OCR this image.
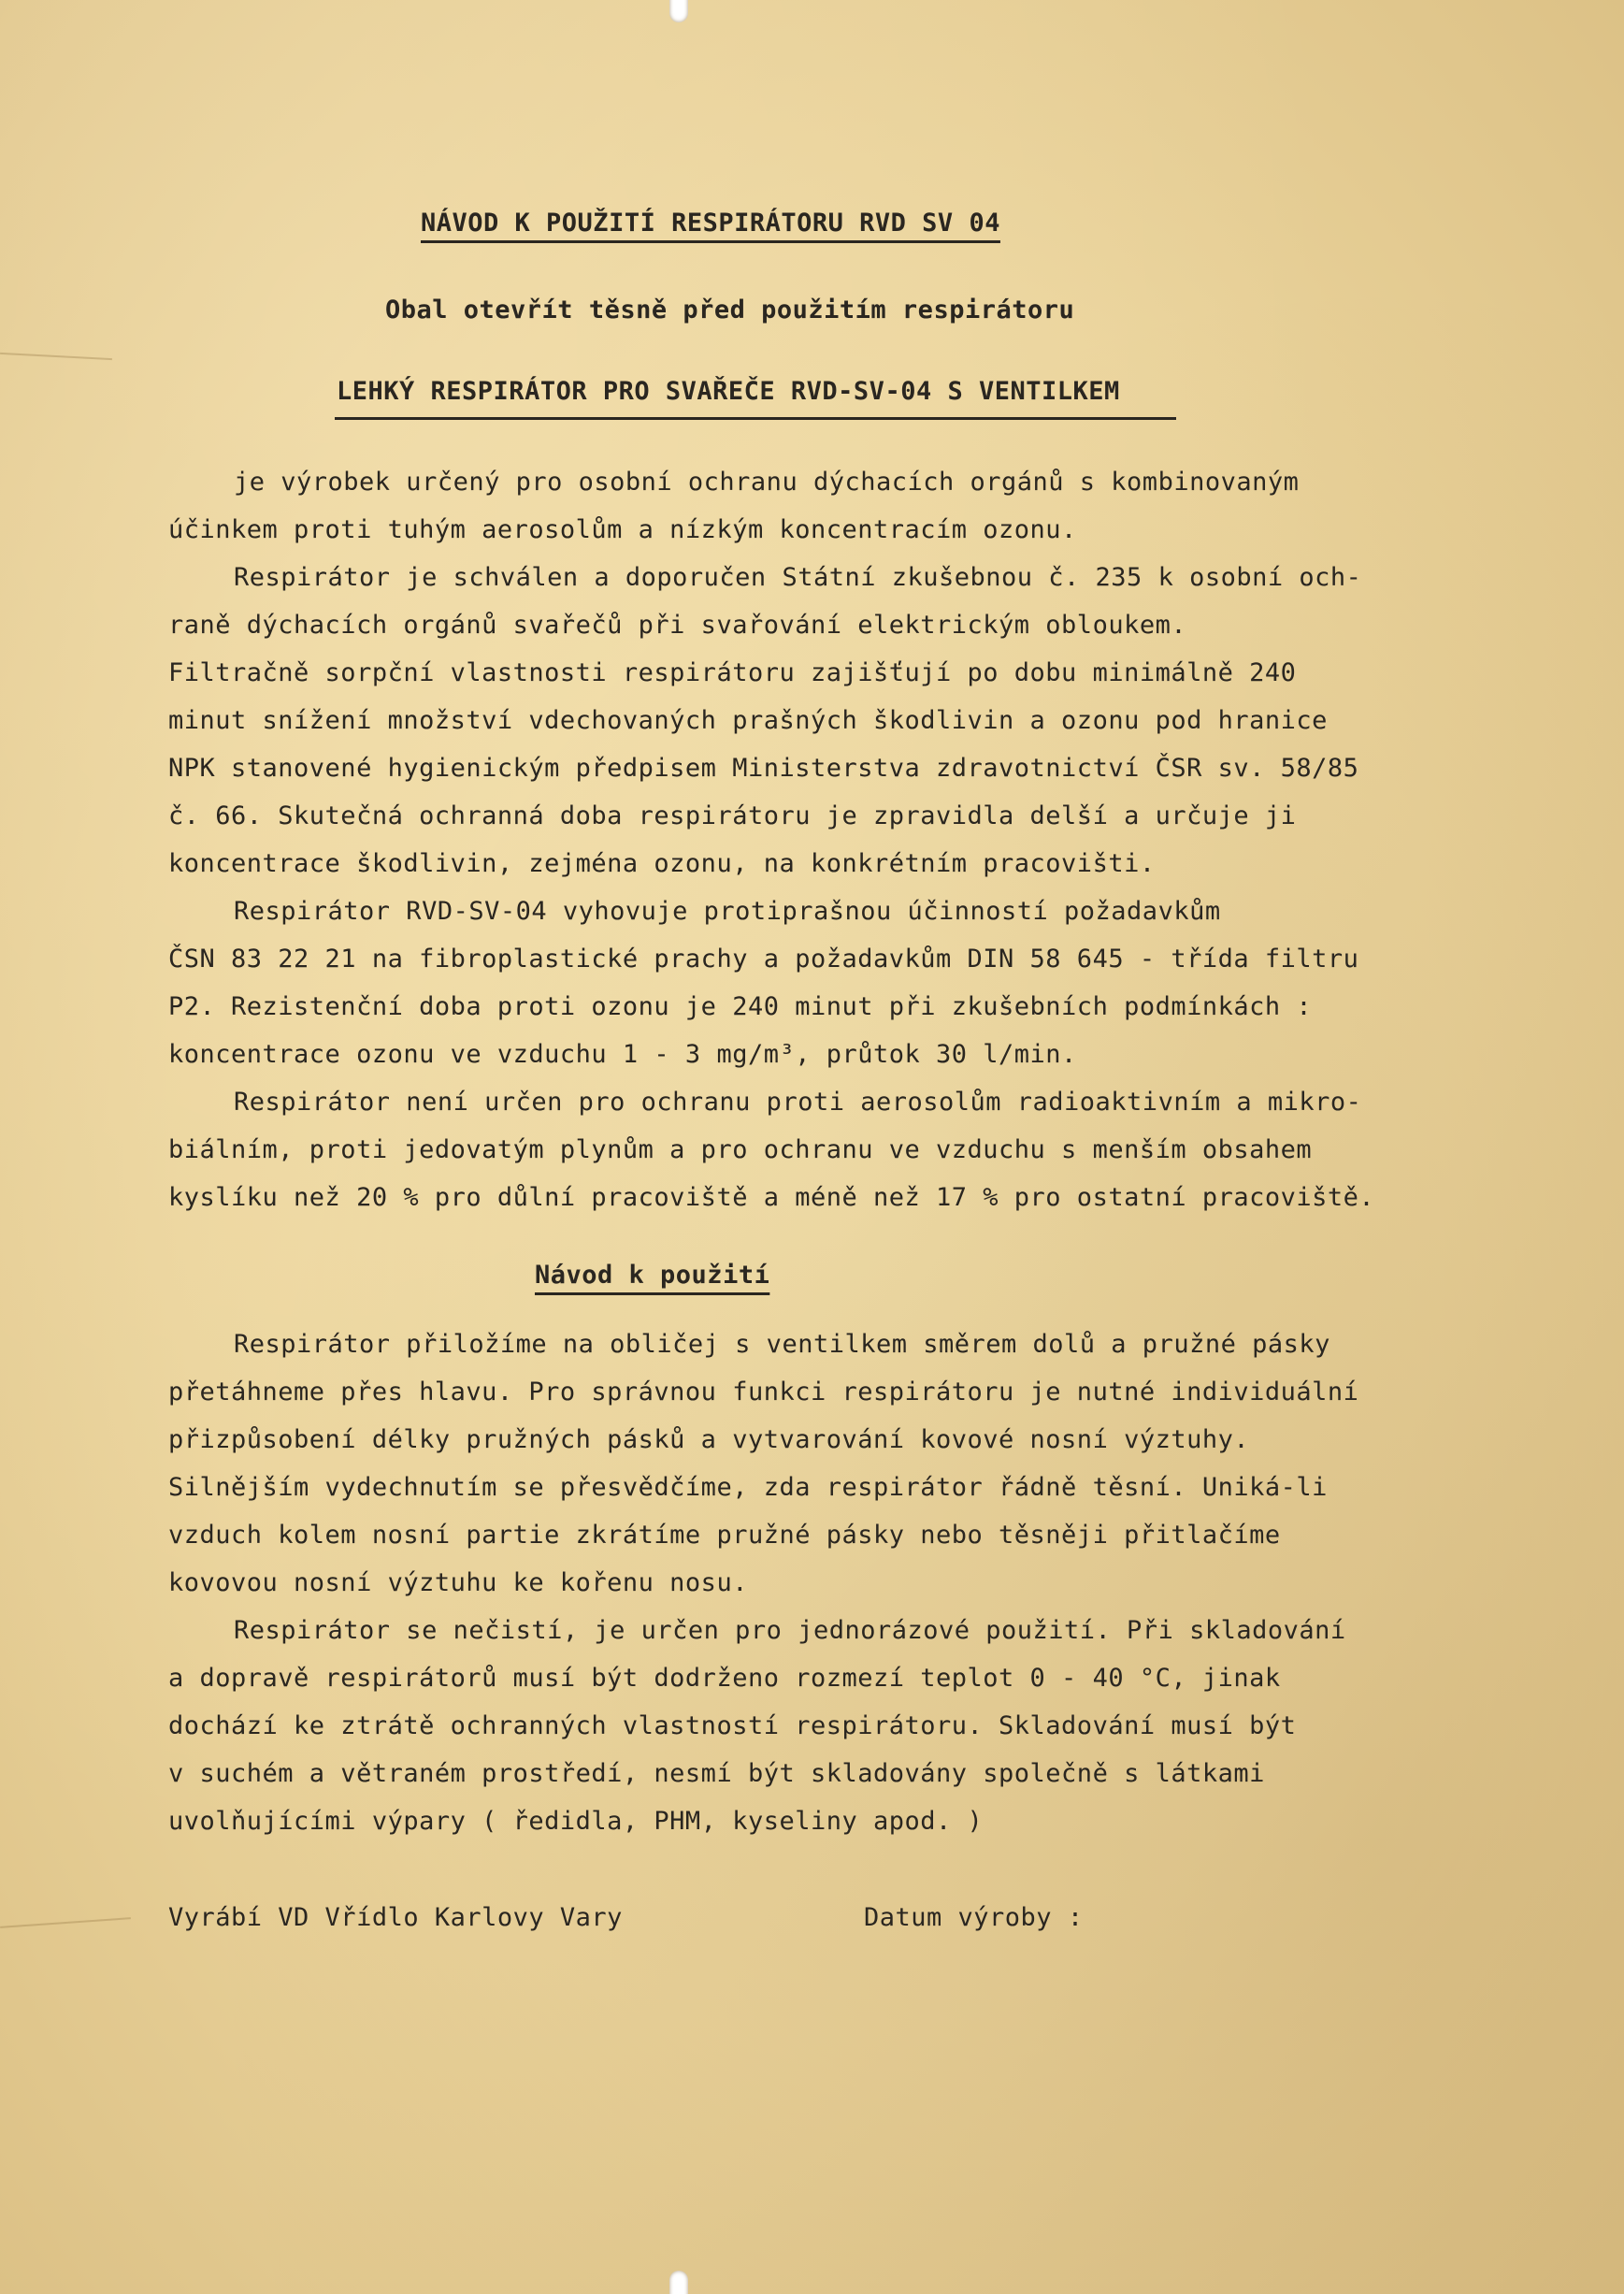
NÁVOD K POUŽITÍ RESPIRÁTORU RVD SV 04
Obal otevřít těsně před použitím respirátoru
LEHKÝ RESPIRÁTOR PRO SVAŘEČE RVD-SV-04 S VENTILKEM
je výrobek určený pro osobní ochranu dýchacích orgánů s kombinovaným
účinkem proti tuhým aerosolům a nízkým koncentracím ozonu.
Respirátor je schválen a doporučen Státní zkušebnou č. 235 k osobní och-
raně dýchacích orgánů svařečů při svařování elektrickým obloukem.
Filtračně sorpční vlastnosti respirátoru zajišťují po dobu minimálně 240
minut snížení množství vdechovaných prašných škodlivin a ozonu pod hranice
NPK stanovené hygienickým předpisem Ministerstva zdravotnictví ČSR sv. 58/85
č. 66. Skutečná ochranná doba respirátoru je zpravidla delší a určuje ji
koncentrace škodlivin, zejména ozonu, na konkrétním pracovišti.
Respirátor RVD-SV-04 vyhovuje protiprašnou účinností požadavkům
ČSN 83 22 21 na fibroplastické prachy a požadavkům DIN 58 645 - třída filtru
P2. Rezistenční doba proti ozonu je 240 minut při zkušebních podmínkách :
koncentrace ozonu ve vzduchu 1 - 3 mg/m³, průtok 30 l/min.
Respirátor není určen pro ochranu proti aerosolům radioaktivním a mikro-
biálním, proti jedovatým plynům a pro ochranu ve vzduchu s menším obsahem
kyslíku než 20 % pro důlní pracoviště a méně než 17 % pro ostatní pracoviště.
Návod k použití
Respirátor přiložíme na obličej s ventilkem směrem dolů a pružné pásky
přetáhneme přes hlavu. Pro správnou funkci respirátoru je nutné individuální
přizpůsobení délky pružných pásků a vytvarování kovové nosní výztuhy.
Silnějším vydechnutím se přesvědčíme, zda respirátor řádně těsní. Uniká-li
vzduch kolem nosní partie zkrátíme pružné pásky nebo těsněji přitlačíme
kovovou nosní výztuhu ke kořenu nosu.
Respirátor se nečistí, je určen pro jednorázové použití. Při skladování
a dopravě respirátorů musí být dodrženo rozmezí teplot 0 - 40 °C, jinak
dochází ke ztrátě ochranných vlastností respirátoru. Skladování musí být
v suchém a větraném prostředí, nesmí být skladovány společně s látkami
uvolňujícími výpary ( ředidla, PHM, kyseliny apod. )
Vyrábí VD Vřídlo Karlovy Vary	Datum výroby :
